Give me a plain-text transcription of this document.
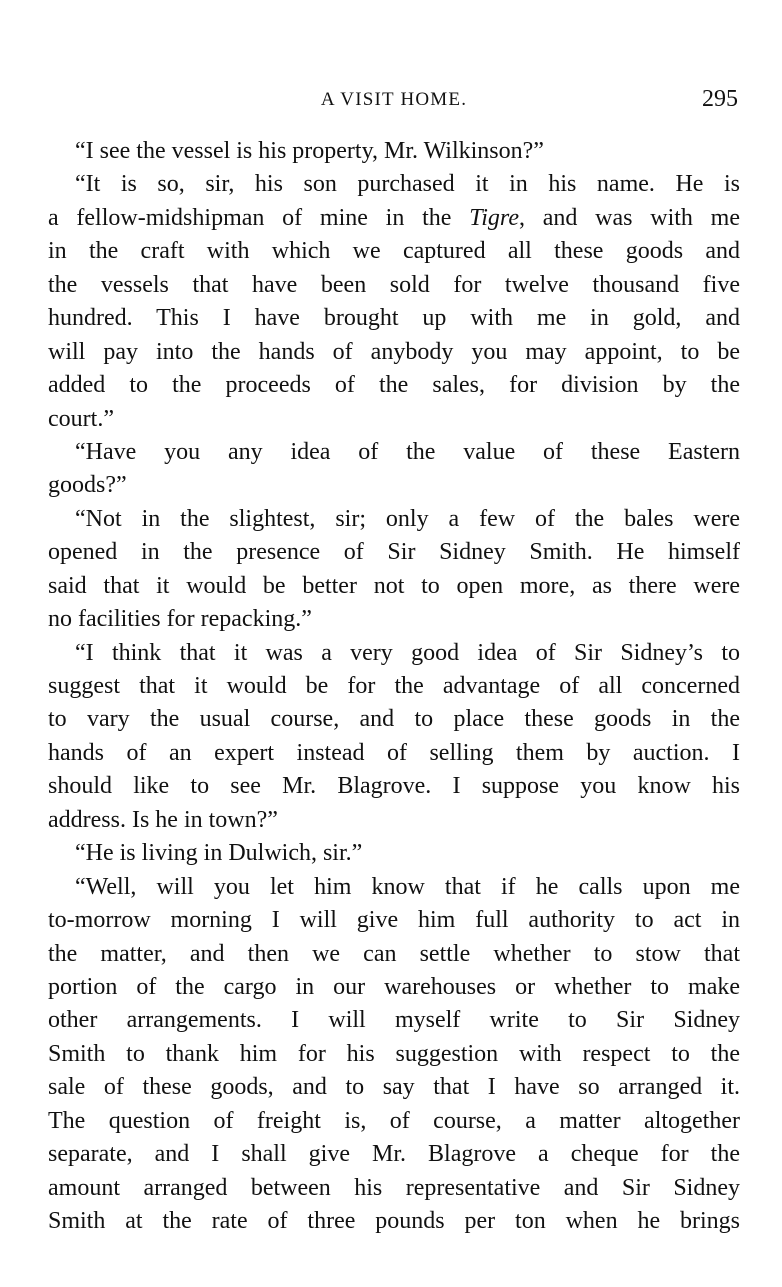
A VISIT HOME.	295
“I see the vessel is his property, Mr. Wilkinson?”
“It is so, sir, his son purchased it in his name. He is
a fellow-midshipman of mine in the Tigre, and was with me
in the craft with which we captured all these goods and
the vessels that have been sold for twelve thousand five
hundred. This I have brought up with me in gold, and
will pay into the hands of anybody you may appoint, to be
added to the proceeds of the sales, for division by the
court.”
“Have you any idea of the value of these Eastern
goods?”
“Not in the slightest, sir; only a few of the bales were
opened in the presence of Sir Sidney Smith. He himself
said that it would be better not to open more, as there were
no facilities for repacking.”
“I think that it was a very good idea of Sir Sidney’s to
suggest that it would be for the advantage of all concerned
to vary the usual course, and to place these goods in the
hands of an expert instead of selling them by auction. I
should like to see Mr. Blagrove. I suppose you know his
address. Is he in town?”
“He is living in Dulwich, sir.”
“Well, will you let him know that if he calls upon me
to-morrow morning I will give him full authority to act in
the matter, and then we can settle whether to stow that
portion of the cargo in our warehouses or whether to make
other arrangements. I will myself write to Sir Sidney
Smith to thank him for his suggestion with respect to the
sale of these goods, and to say that I have so arranged it.
The question of freight is, of course, a matter altogether
separate, and I shall give Mr. Blagrove a cheque for the
amount arranged between his representative and Sir Sidney
Smith at the rate of three pounds per ton when he brings
